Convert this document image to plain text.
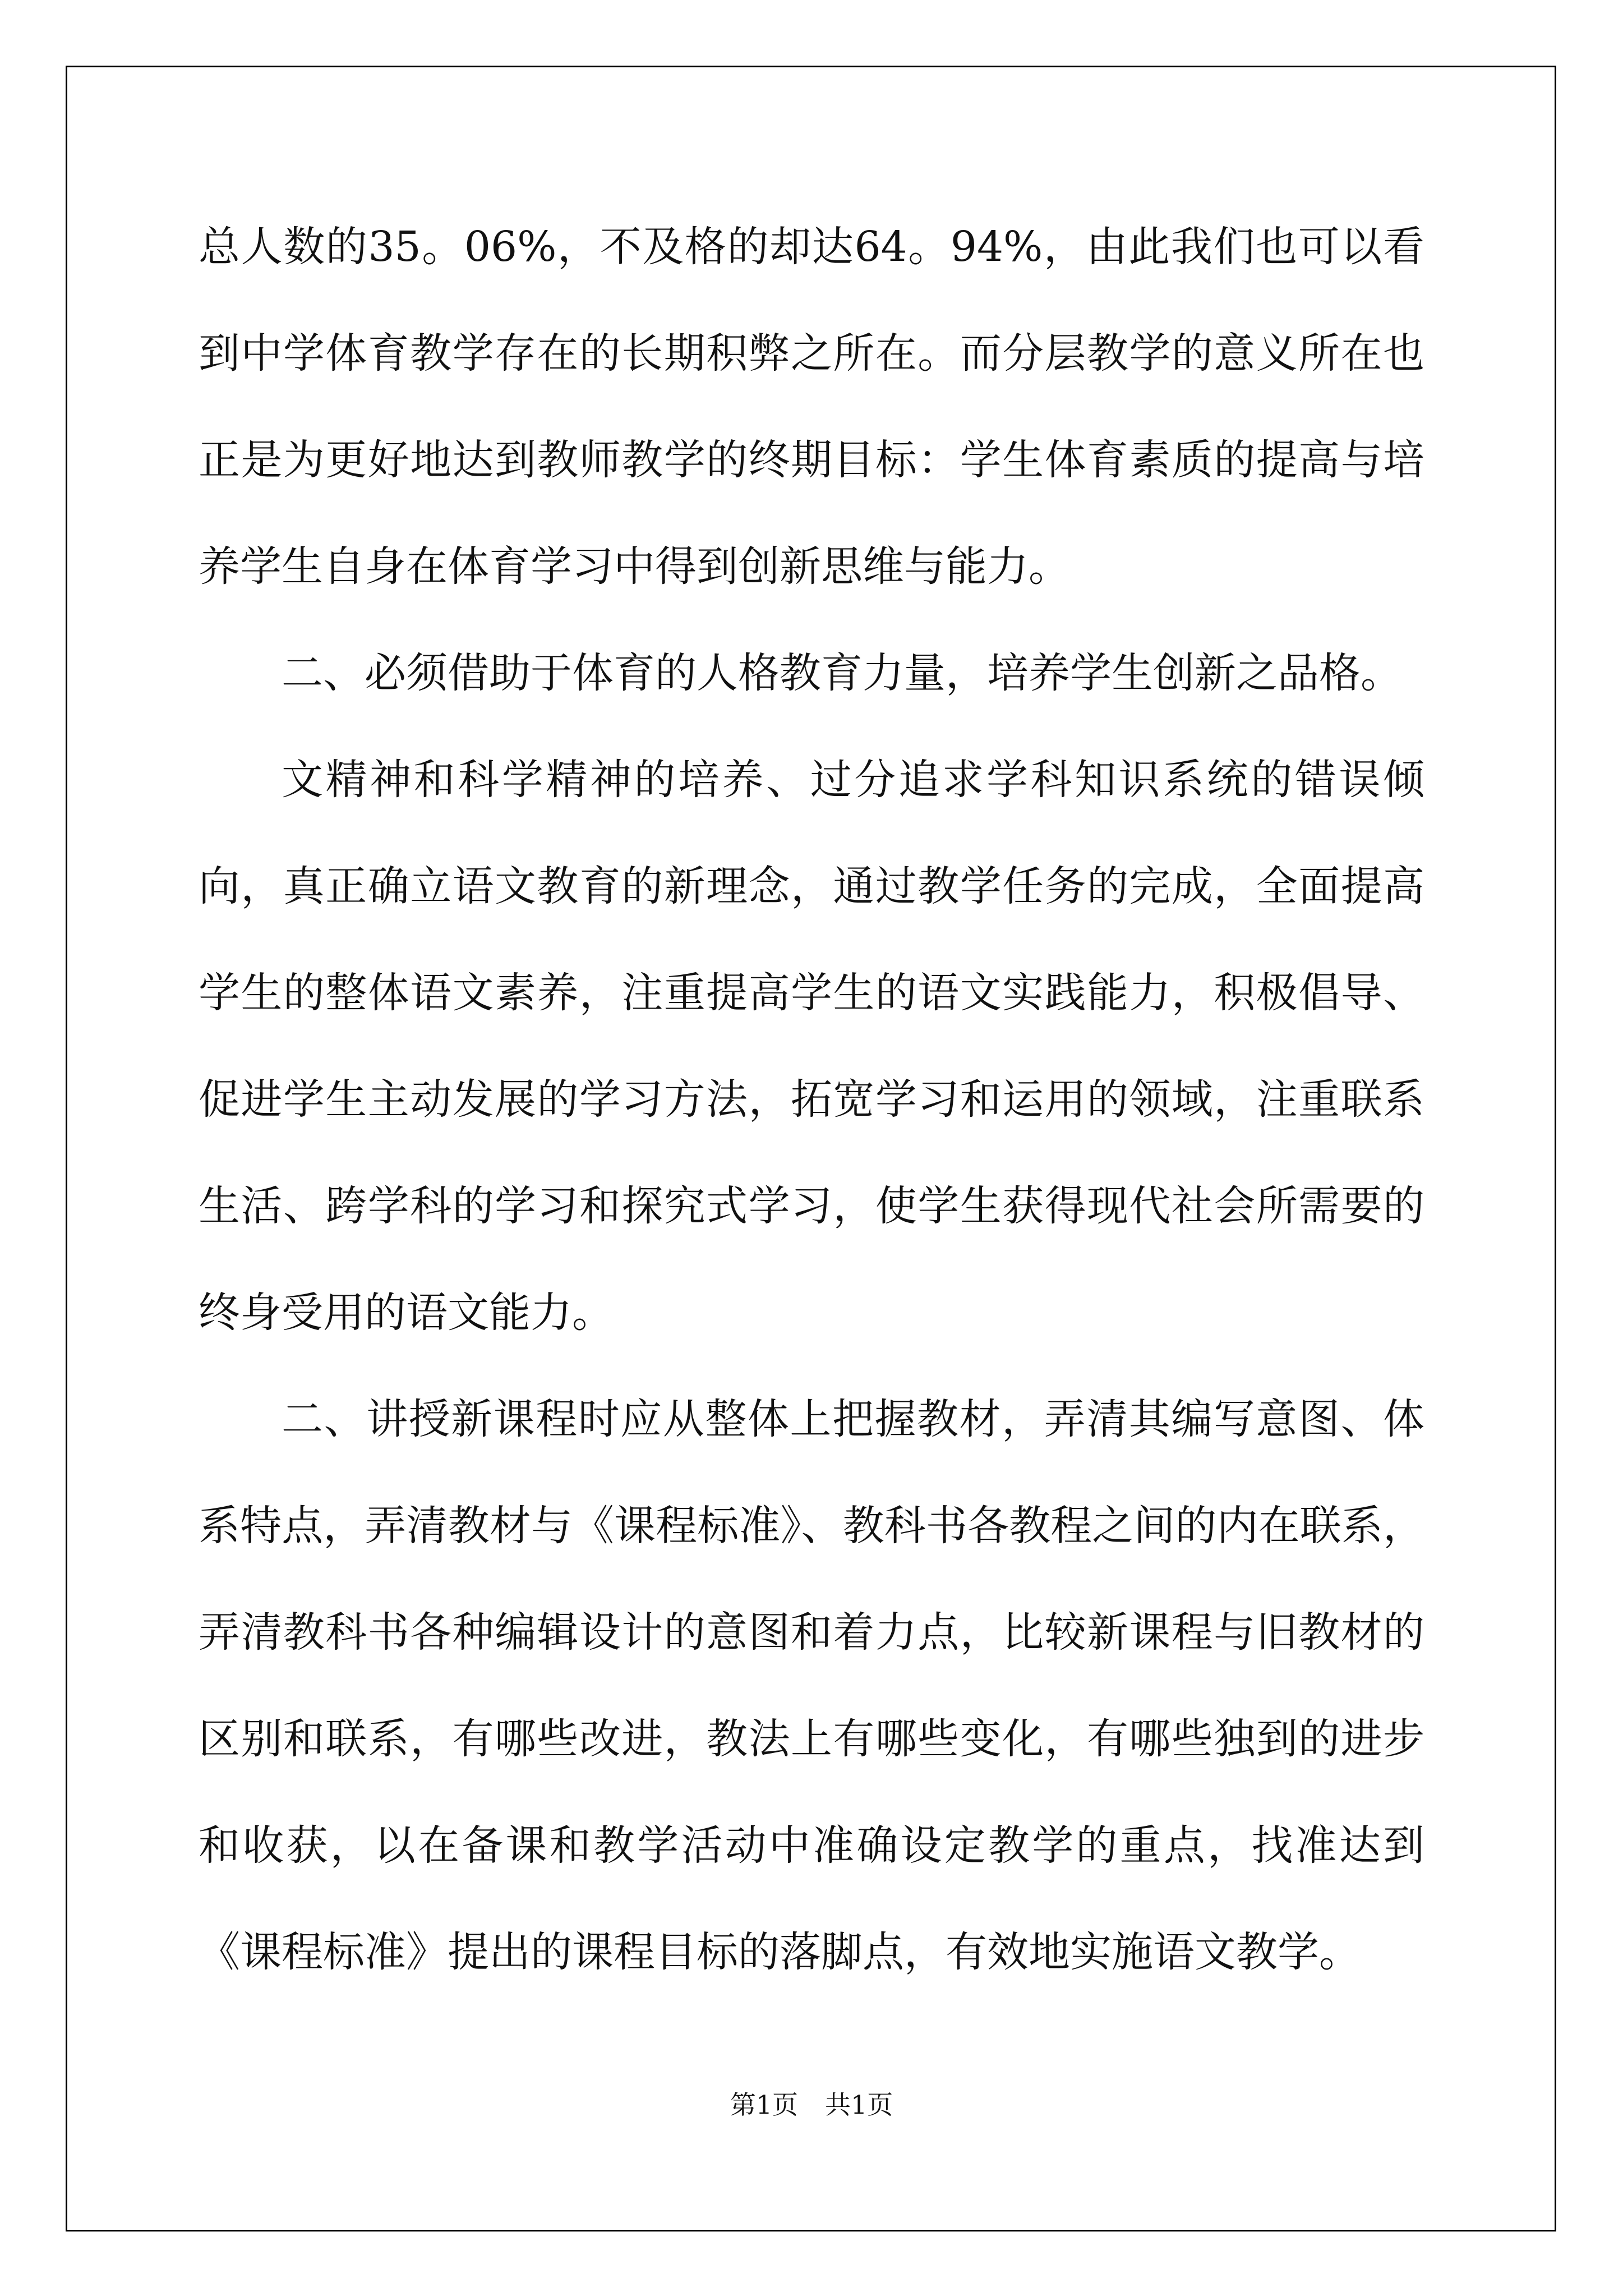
总人数的35。06%，不及格的却达64。94%，由此我们也可以看到中学体育教学存在的长期积弊之所在。而分层教学的意义所在也正是为更好地达到教师教学的终期目标：学生体育素质的提高与培养学生自身在体育学习中得到创新思维与能力。

二、必须借助于体育的人格教育力量，培养学生创新之品格。

文精神和科学精神的培养、过分追求学科知识系统的错误倾向，真正确立语文教育的新理念，通过教学任务的完成，全面提高学生的整体语文素养，注重提高学生的语文实践能力，积极倡导、促进学生主动发展的学习方法，拓宽学习和运用的领域，注重联系生活、跨学科的学习和探究式学习，使学生获得现代社会所需要的终身受用的语文能力。

二、讲授新课程时应从整体上把握教材，弄清其编写意图、体系特点，弄清教材与《课程标准》、教科书各教程之间的内在联系，弄清教科书各种编辑设计的意图和着力点，比较新课程与旧教材的区别和联系，有哪些改进，教法上有哪些变化，有哪些独到的进步和收获，以在备课和教学活动中准确设定教学的重点，找准达到《课程标准》提出的课程目标的落脚点，有效地实施语文教学。

第1页 共1页
